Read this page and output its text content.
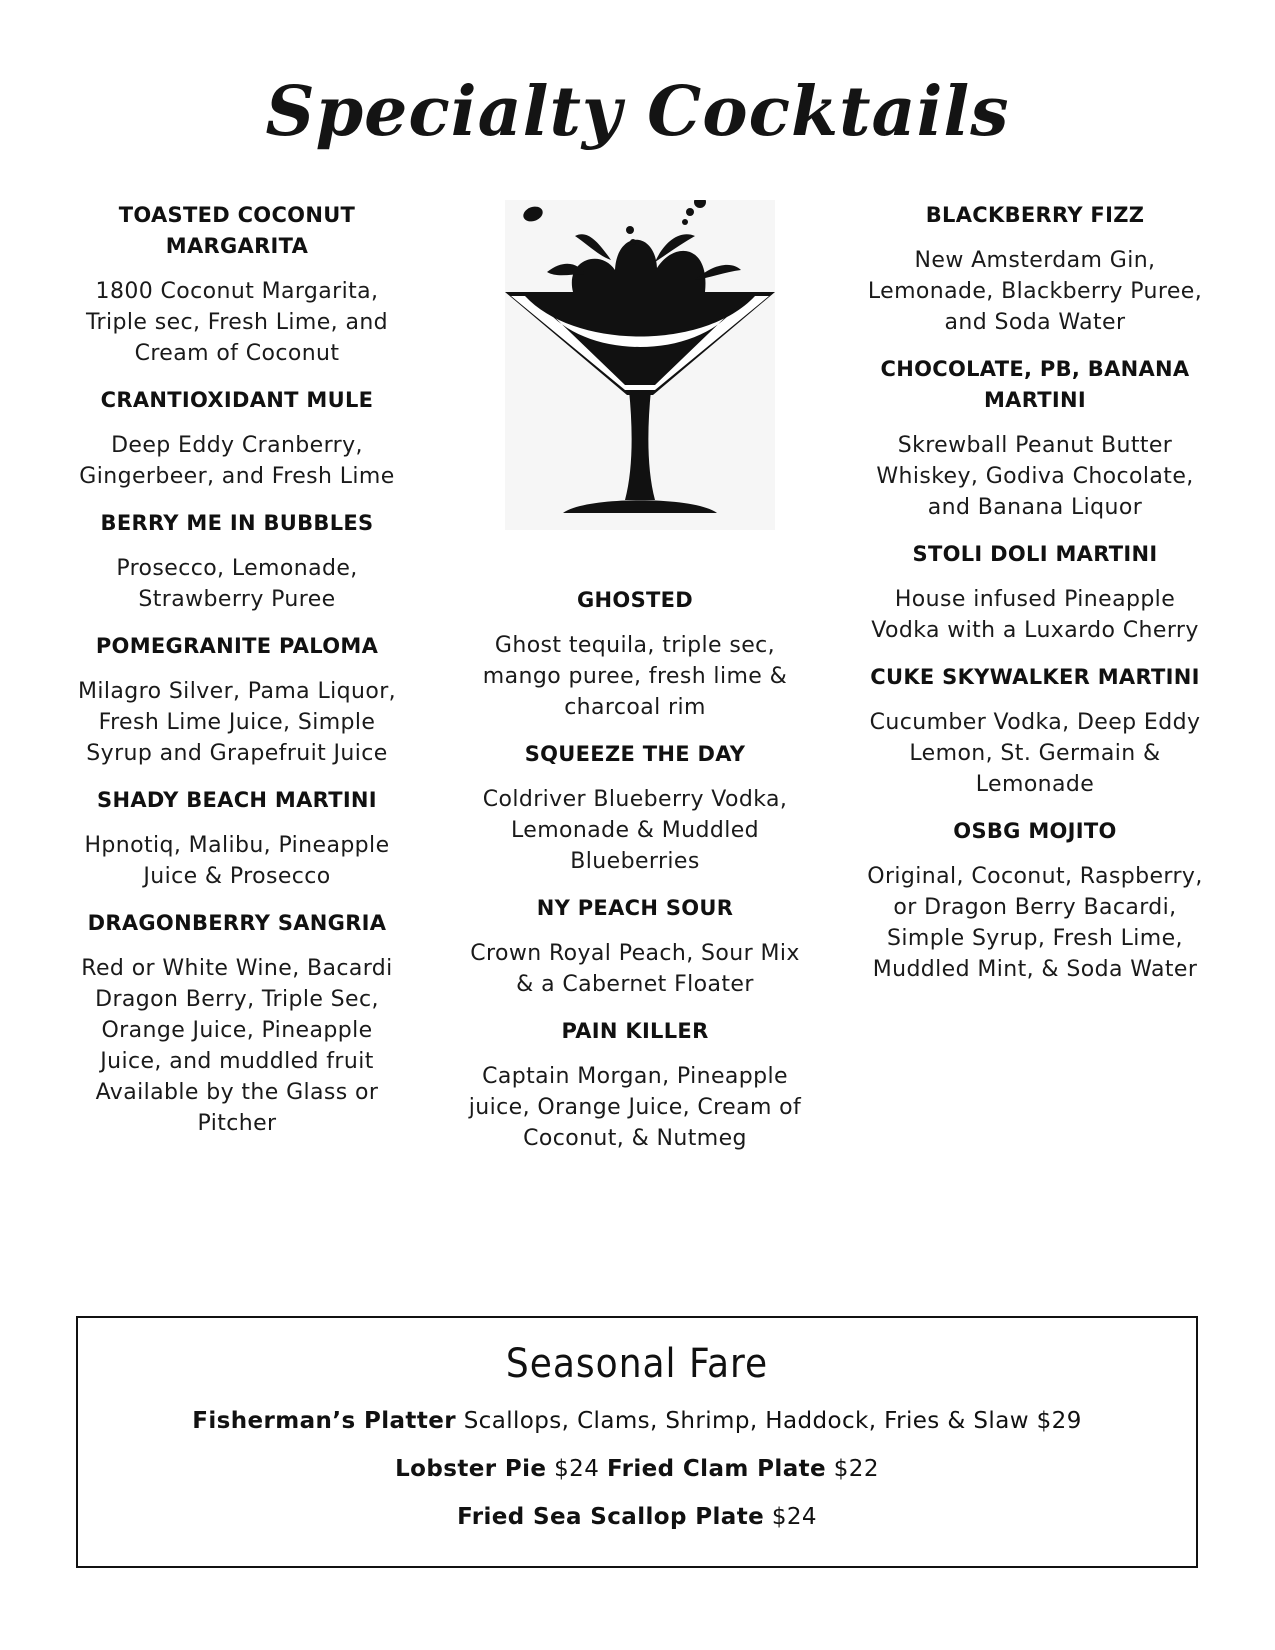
Specialty Cocktails
TOASTED COCONUT MARGARITA
1800 Coconut Margarita, Triple sec, Fresh Lime, and Cream of Coconut
CRANTIOXIDANT MULE
Deep Eddy Cranberry, Gingerbeer, and Fresh Lime
BERRY ME IN BUBBLES
Prosecco, Lemonade, Strawberry Puree
POMEGRANITE PALOMA
Milagro Silver, Pama Liquor, Fresh Lime Juice, Simple Syrup and Grapefruit Juice
SHADY BEACH MARTINI
Hpnotiq, Malibu, Pineapple Juice & Prosecco
DRAGONBERRY SANGRIA
Red or White Wine, Bacardi Dragon Berry, Triple Sec, Orange Juice, Pineapple Juice, and muddled fruit Available by the Glass or Pitcher
GHOSTED
Ghost tequila, triple sec, mango puree, fresh lime & charcoal rim
SQUEEZE THE DAY
Coldriver Blueberry Vodka, Lemonade & Muddled Blueberries
NY PEACH SOUR
Crown Royal Peach, Sour Mix & a Cabernet Floater
PAIN KILLER
Captain Morgan, Pineapple juice, Orange Juice, Cream of Coconut, & Nutmeg
BLACKBERRY FIZZ
New Amsterdam Gin, Lemonade, Blackberry Puree, and Soda Water
CHOCOLATE, PB, BANANA MARTINI
Skrewball Peanut Butter Whiskey, Godiva Chocolate, and Banana Liquor
STOLI DOLI MARTINI
House infused Pineapple Vodka with a Luxardo Cherry
CUKE SKYWALKER MARTINI
Cucumber Vodka, Deep Eddy Lemon, St. Germain & Lemonade
OSBG MOJITO
Original, Coconut, Raspberry, or Dragon Berry Bacardi, Simple Syrup, Fresh Lime, Muddled Mint, & Soda Water
Seasonal Fare
Fisherman’s Platter Scallops, Clams, Shrimp, Haddock, Fries & Slaw $29
Lobster Pie $24 Fried Clam Plate $22
Fried Sea Scallop Plate $24
